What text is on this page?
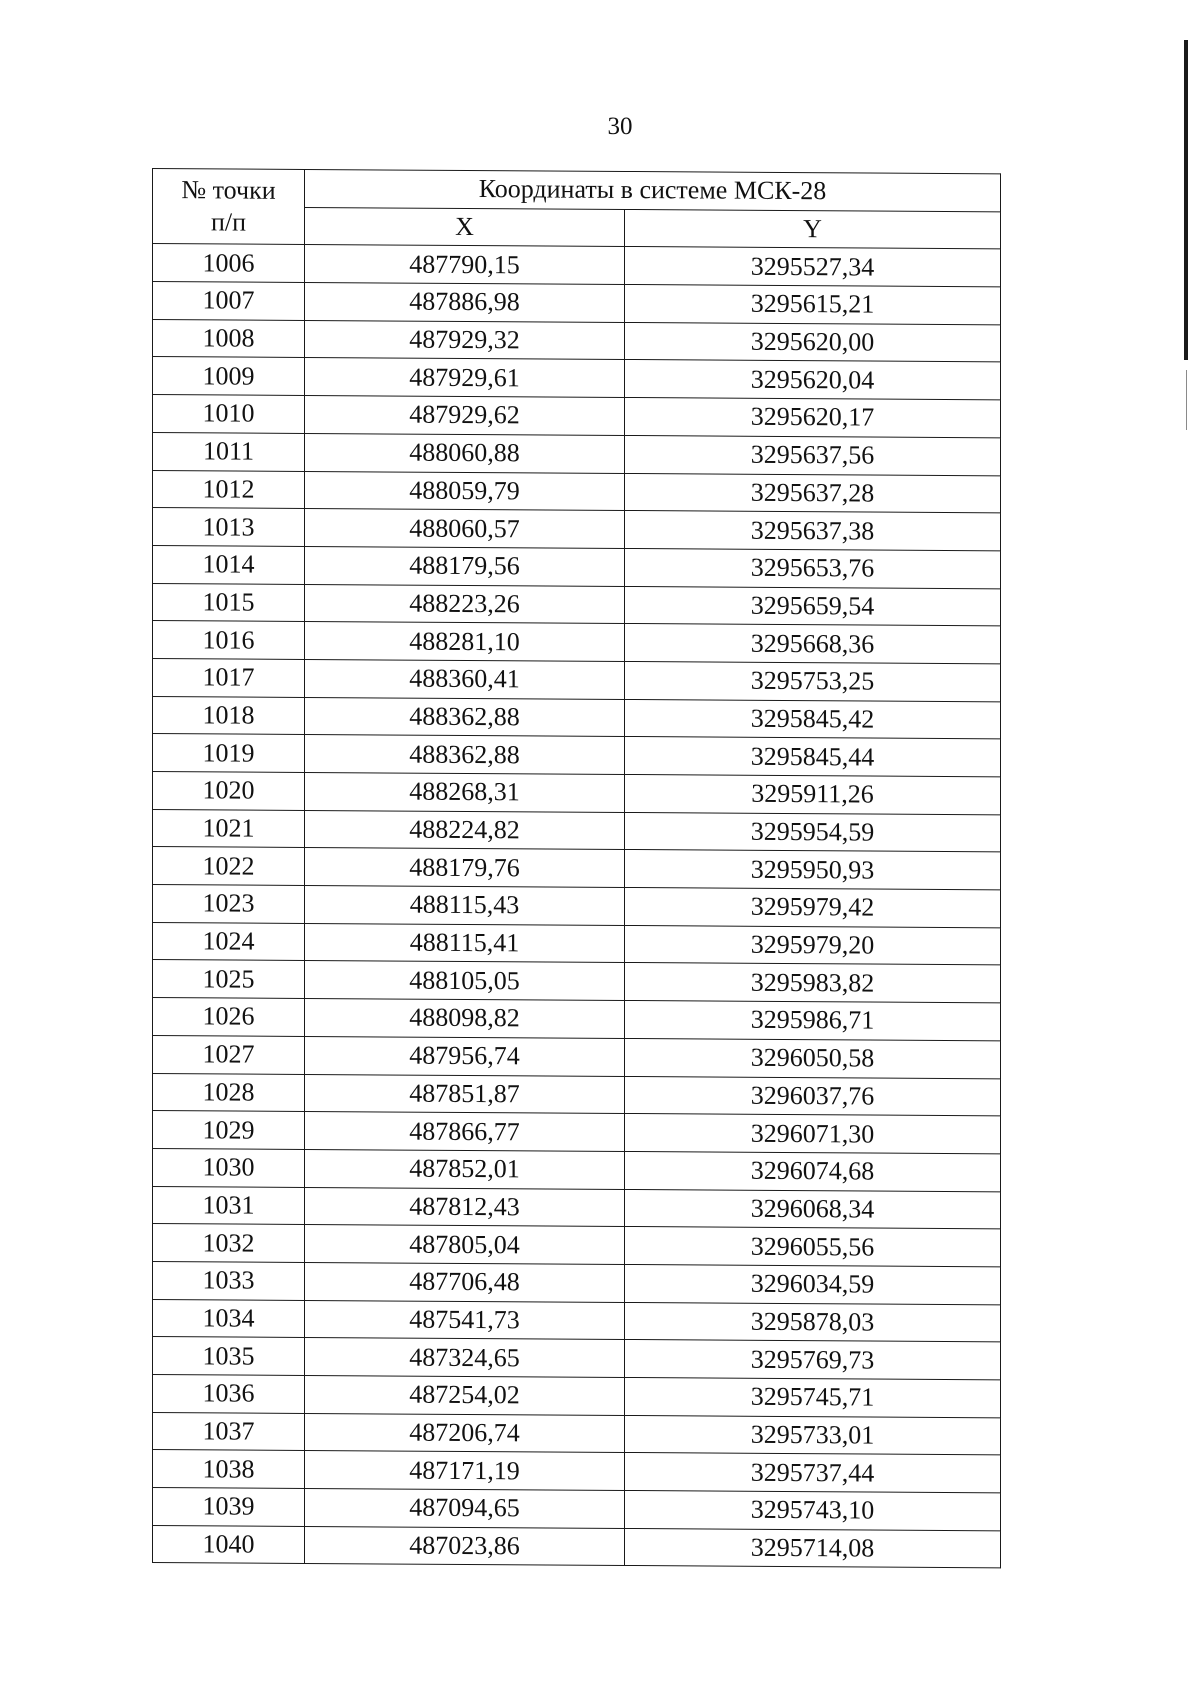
30
№ точки
п/п	Координаты в системе МСК-28	
	X	Y
1006	487790,15	3295527,34
1007	487886,98	3295615,21
1008	487929,32	3295620,00
1009	487929,61	3295620,04
1010	487929,62	3295620,17
1011	488060,88	3295637,56
1012	488059,79	3295637,28
1013	488060,57	3295637,38
1014	488179,56	3295653,76
1015	488223,26	3295659,54
1016	488281,10	3295668,36
1017	488360,41	3295753,25
1018	488362,88	3295845,42
1019	488362,88	3295845,44
1020	488268,31	3295911,26
1021	488224,82	3295954,59
1022	488179,76	3295950,93
1023	488115,43	3295979,42
1024	488115,41	3295979,20
1025	488105,05	3295983,82
1026	488098,82	3295986,71
1027	487956,74	3296050,58
1028	487851,87	3296037,76
1029	487866,77	3296071,30
1030	487852,01	3296074,68
1031	487812,43	3296068,34
1032	487805,04	3296055,56
1033	487706,48	3296034,59
1034	487541,73	3295878,03
1035	487324,65	3295769,73
1036	487254,02	3295745,71
1037	487206,74	3295733,01
1038	487171,19	3295737,44
1039	487094,65	3295743,10
1040	487023,86	3295714,08
